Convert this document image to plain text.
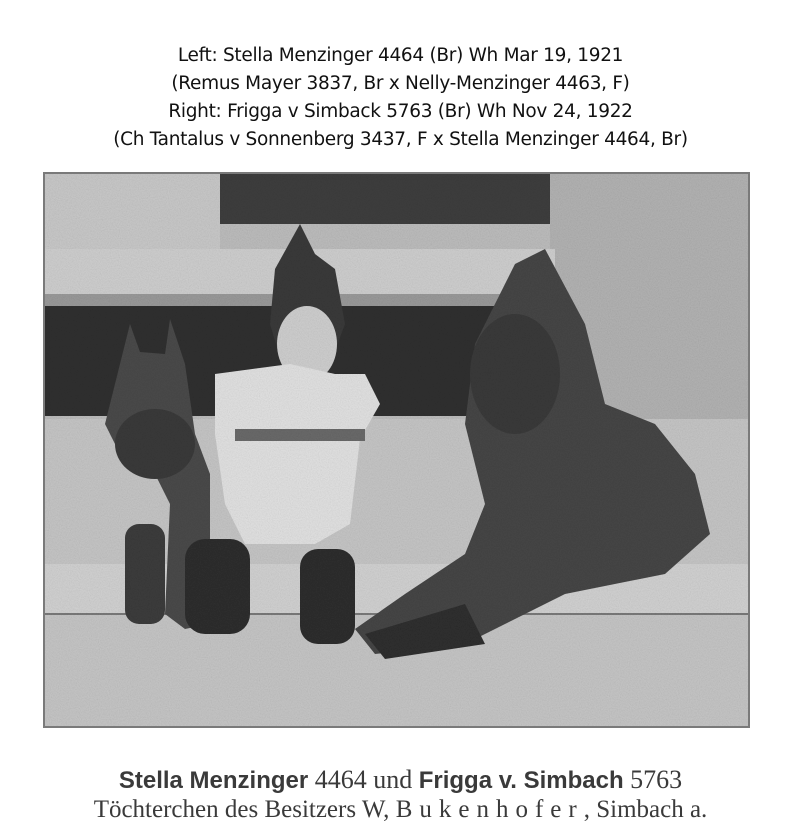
Left: Stella Menzinger 4464 (Br) Wh Mar 19, 1921
(Remus Mayer 3837, Br x Nelly-Menzinger 4463, F)
Right: Frigga v Simback 5763 (Br) Wh Nov 24, 1922
(Ch Tantalus v Sonnenberg 3437, F x Stella Menzinger 4464, Br)
Stella Menzinger 4464 und Frigga v. Simbach 5763
Töchterchen des Besitzers W, Bukenhofer, Simbach a.
